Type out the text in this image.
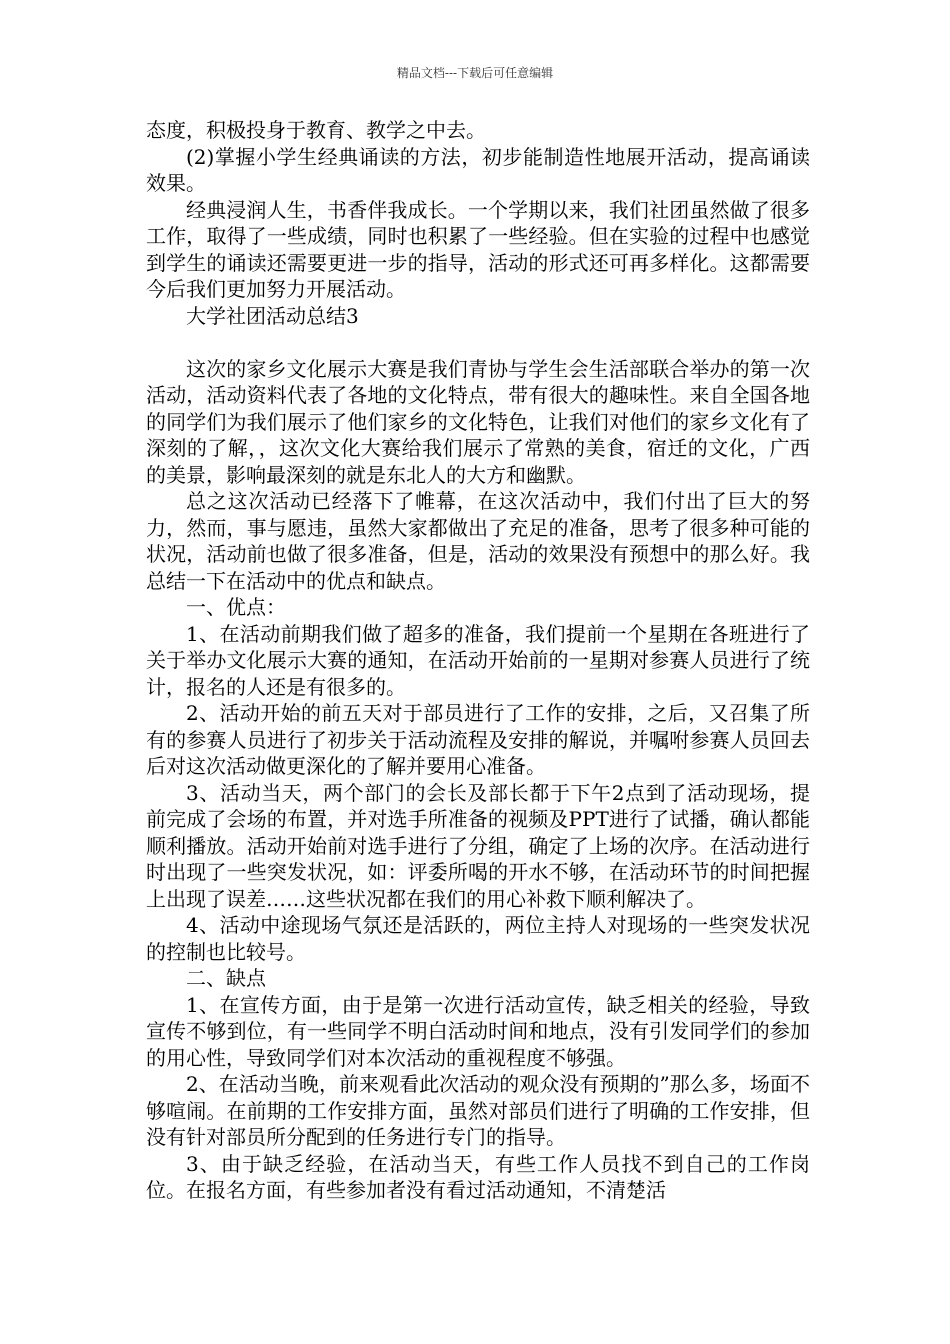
精品文档---下载后可任意编辑

态度，积极投身于教育、教学之中去。

(2)掌握小学生经典诵读的方法，初步能制造性地展开活动，提高诵读效果。

经典浸润人生，书香伴我成长。一个学期以来，我们社团虽然做了很多工作，取得了一些成绩，同时也积累了一些经验。但在实验的过程中也感觉到学生的诵读还需要更进一步的指导，活动的形式还可再多样化。这都需要今后我们更加努力开展活动。

大学社团活动总结3

这次的家乡文化展示大赛是我们青协与学生会生活部联合举办的第一次活动，活动资料代表了各地的文化特点，带有很大的趣味性。来自全国各地的同学们为我们展示了他们家乡的文化特色，让我们对他们的家乡文化有了深刻的了解，，这次文化大赛给我们展示了常熟的美食，宿迁的文化，广西的美景，影响最深刻的就是东北人的大方和幽默。

总之这次活动已经落下了帷幕，在这次活动中，我们付出了巨大的努力，然而，事与愿违，虽然大家都做出了充足的准备，思考了很多种可能的状况，活动前也做了很多准备，但是，活动的效果没有预想中的那么好。我总结一下在活动中的优点和缺点。

一、优点：

1、在活动前期我们做了超多的准备，我们提前一个星期在各班进行了关于举办文化展示大赛的通知，在活动开始前的一星期对参赛人员进行了统计，报名的人还是有很多的。

2、活动开始的前五天对于部员进行了工作的安排，之后，又召集了所有的参赛人员进行了初步关于活动流程及安排的解说，并嘱咐参赛人员回去后对这次活动做更深化的了解并要用心准备。

3、活动当天，两个部门的会长及部长都于下午2点到了活动现场，提前完成了会场的布置，并对选手所准备的视频及PPT进行了试播，确认都能顺利播放。活动开始前对选手进行了分组，确定了上场的次序。在活动进行时出现了一些突发状况，如：评委所喝的开水不够，在活动环节的时间把握上出现了误差……这些状况都在我们的用心补救下顺利解决了。

4、活动中途现场气氛还是活跃的，两位主持人对现场的一些突发状况的控制也比较号。

二、缺点

1、在宣传方面，由于是第一次进行活动宣传，缺乏相关的经验，导致宣传不够到位，有一些同学不明白活动时间和地点，没有引发同学们的参加的用心性，导致同学们对本次活动的重视程度不够强。

2、在活动当晚，前来观看此次活动的观众没有预期的”那么多，场面不够喧闹。在前期的工作安排方面，虽然对部员们进行了明确的工作安排，但没有针对部员所分配到的任务进行专门的指导。

3、由于缺乏经验，在活动当天，有些工作人员找不到自己的工作岗位。在报名方面，有些参加者没有看过活动通知，不清楚活
